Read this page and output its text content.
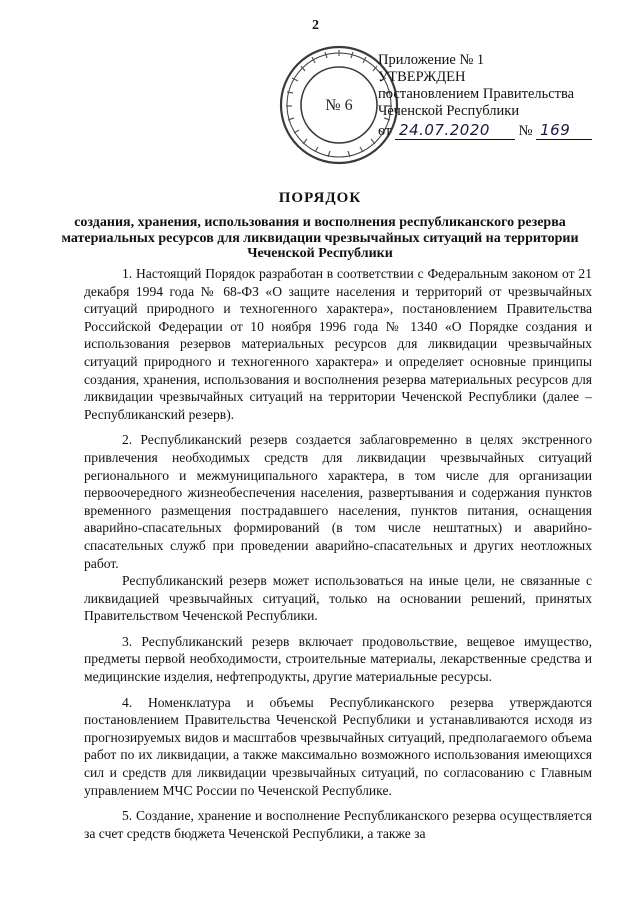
2
№ 6
Приложение № 1
УТВЕРЖДЕН
постановлением Правительства
Чеченской Республики
от 24.07.2020 № 169
ПОРЯДОК
создания, хранения, использования и восполнения республиканского резерва материальных ресурсов для ликвидации чрезвычайных ситуаций на территории Чеченской Республики

1. Настоящий Порядок разработан в соответствии с Федеральным законом от 21 декабря 1994 года № 68-ФЗ «О защите населения и территорий от чрезвычайных ситуаций природного и техногенного характера», постановлением Правительства Российской Федерации от 10 ноября 1996 года № 1340 «О Порядке создания и использования резервов материальных ресурсов для ликвидации чрезвычайных ситуаций природного и техногенного характера» и определяет основные принципы создания, хранения, использования и восполнения резерва материальных ресурсов для ликвидации чрезвычайных ситуаций на территории Чеченской Республики (далее – Республиканский резерв).

2. Республиканский резерв создается заблаговременно в целях экстренного привлечения необходимых средств для ликвидации чрезвычайных ситуаций регионального и межмуниципального характера, в том числе для организации первоочередного жизнеобеспечения населения, развертывания и содержания пунктов временного размещения пострадавшего населения, пунктов питания, оснащения аварийно-спасательных формирований (в том числе нештатных) и аварийно-спасательных служб при проведении аварийно-спасательных и других неотложных работ.

Республиканский резерв может использоваться на иные цели, не связанные с ликвидацией чрезвычайных ситуаций, только на основании решений, принятых Правительством Чеченской Республики.

3. Республиканский резерв включает продовольствие, вещевое имущество, предметы первой необходимости, строительные материалы, лекарственные средства и медицинские изделия, нефтепродукты, другие материальные ресурсы.

4. Номенклатура и объемы Республиканского резерва утверждаются постановлением Правительства Чеченской Республики и устанавливаются исходя из прогнозируемых видов и масштабов чрезвычайных ситуаций, предполагаемого объема работ по их ликвидации, а также максимально возможного использования имеющихся сил и средств для ликвидации чрезвычайных ситуаций, по согласованию с Главным управлением МЧС России по Чеченской Республике.

5. Создание, хранение и восполнение Республиканского резерва осуществляется за счет средств бюджета Чеченской Республики, а также за
